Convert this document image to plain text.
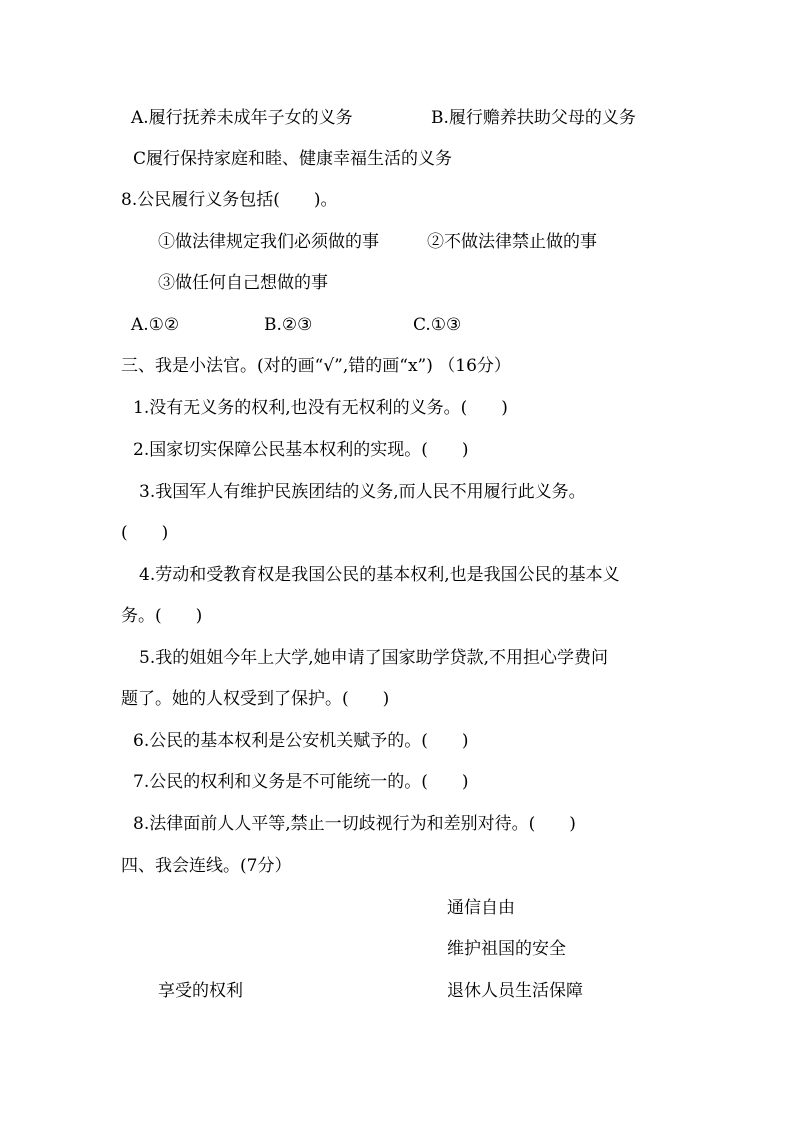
A.履行抚养未成年子女的义务	B.履行赡养扶助父母的义务
C履行保持家庭和睦、健康幸福生活的义务
8.公民履行义务包括(　　)。
①做法律规定我们必须做的事	②不做法律禁止做的事
③做任何自己想做的事
A.①②	B.②③	C.①③
三、我是小法官。(对的画“√”,错的画“x”) （16分）
1.没有无义务的权利,也没有无权利的义务。(　　)
2.国家切实保障公民基本权利的实现。(　　)
3.我国军人有维护民族团结的义务,而人民不用履行此义务。
(　　)
4.劳动和受教育权是我国公民的基本权利,也是我国公民的基本义
务。(　　)
5.我的姐姐今年上大学,她申请了国家助学贷款,不用担心学费问
题了。她的人权受到了保护。(　　)
6.公民的基本权利是公安机关赋予的。(　　)
7.公民的权利和义务是不可能统一的。(　　)
8.法律面前人人平等,禁止一切歧视行为和差别对待。(　　)
四、我会连线。(7分）
通信自由
维护祖国的安全
享受的权利	退休人员生活保障
